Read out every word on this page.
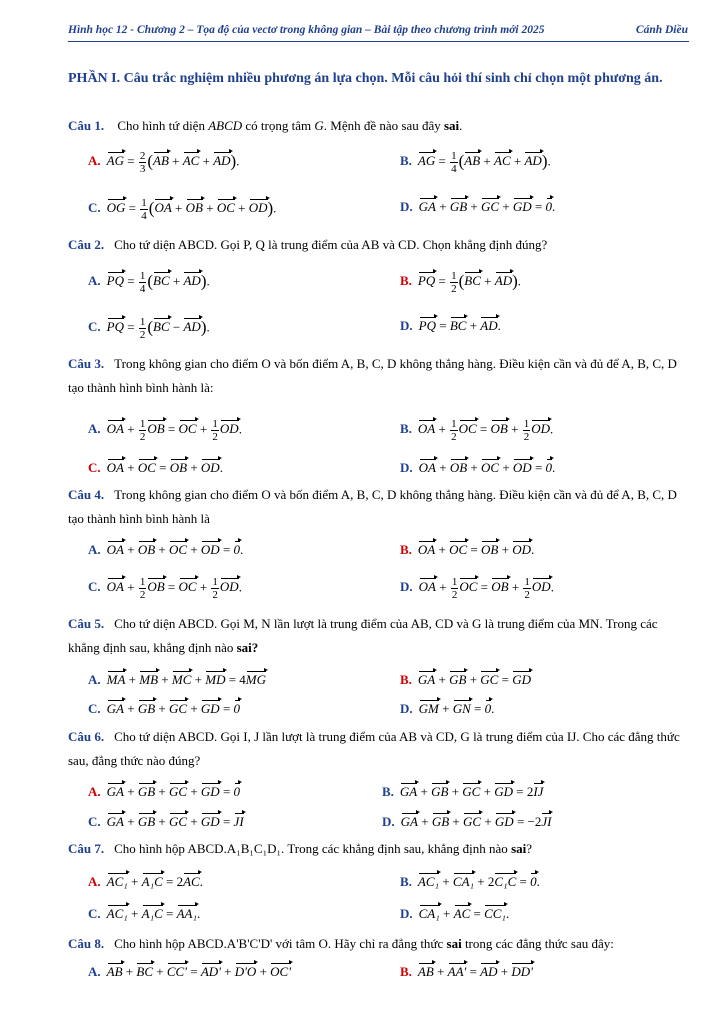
Hình học 12 - Chương 2 – Tọa độ của vectơ trong không gian – Bài tập theo chương trình mới 2025	Cánh Diều
PHẦN I. Câu trắc nghiệm nhiều phương án lựa chọn. Mỗi câu hỏi thí sinh chỉ chọn một phương án.
Câu 1. Cho hình tứ diện ABCD có trọng tâm G. Mệnh đề nào sau đây sai.
A. AG = $\frac{2}{3} (AB$ + AC + AD).	B. AG = $\frac{1}{4} (AB$ + AC + AD).
C. OG = $\frac{1}{4} (OA$ + OB + OC + OD).	D. GA + GB + GC + GD = 0.
Câu 2. Cho tứ diện ABCD. Gọi P, Q là trung điểm của AB và CD. Chọn khẳng định đúng?
A. PQ = $\frac{1}{4} (BC + AD)$.	B. PQ = $\frac{1}{2} (BC + AD)$.
C. PQ = $\frac{1}{2} (BC - AD)$.	D. PQ = BC + AD.
Câu 3. Trong không gian cho điểm O và bốn điểm A, B, C, D không thẳng hàng. Điều kiện cần và đủ để A, B, C, D tạo thành hình bình hành là:
A. OA + $\frac{1}{2}$ OB = OC + $\frac{1}{2}$ OD.	B. OA + $\frac{1}{2}$ OC = OB + $\frac{1}{2}$ OD.
C. OA + OC = OB + OD.	D. OA + OB + OC + OD = 0.
Câu 4. Trong không gian cho điểm O và bốn điểm A, B, C, D không thẳng hàng. Điều kiện cần và đủ để A, B, C, D tạo thành hình bình hành là
A. OA + OB + OC + OD = 0.	B. OA + OC = OB + OD.
C. OA + $\frac{1}{2}$ OB = OC + $\frac{1}{2}$ OD.	D. OA + $\frac{1}{2}$ OC = OB + $\frac{1}{2}$ OD.
Câu 5. Cho tứ diện ABCD. Gọi M, N lần lượt là trung điểm của AB, CD và G là trung điểm của MN. Trong các khẳng định sau, khẳng định nào sai?
A. MA + MB + MC + MD = 4MG	B. GA + GB + GC = GD
C. GA + GB + GC + GD = 0	D. GM + GN = 0.
Câu 6. Cho tứ diện ABCD. Gọi I, J lần lượt là trung điểm của AB và CD, G là trung điểm của IJ. Cho các đẳng thức sau, đẳng thức nào đúng?
A. GA + GB + GC + GD = 0	B. GA + GB + GC + GD = 2IJ
C. GA + GB + GC + GD = JI	D. GA + GB + GC + GD = −2JI
Câu 7. Cho hình hộp ABCD.A₁B₁C₁D₁. Trong các khẳng định sau, khẳng định nào sai?
A. AC₁ + A₁C = 2AC.	B. AC₁ + CA₁ + 2C₁C = 0.
C. AC₁ + A₁C = AA₁.	D. CA₁ + AC = CC₁.
Câu 8. Cho hình hộp ABCD.A'B'C'D' với tâm O. Hãy chỉ ra đẳng thức sai trong các đẳng thức sau đây:
A. AB + BC + CC' = AD' + D'O + OC'	B. AB + AA' = AD + DD'
